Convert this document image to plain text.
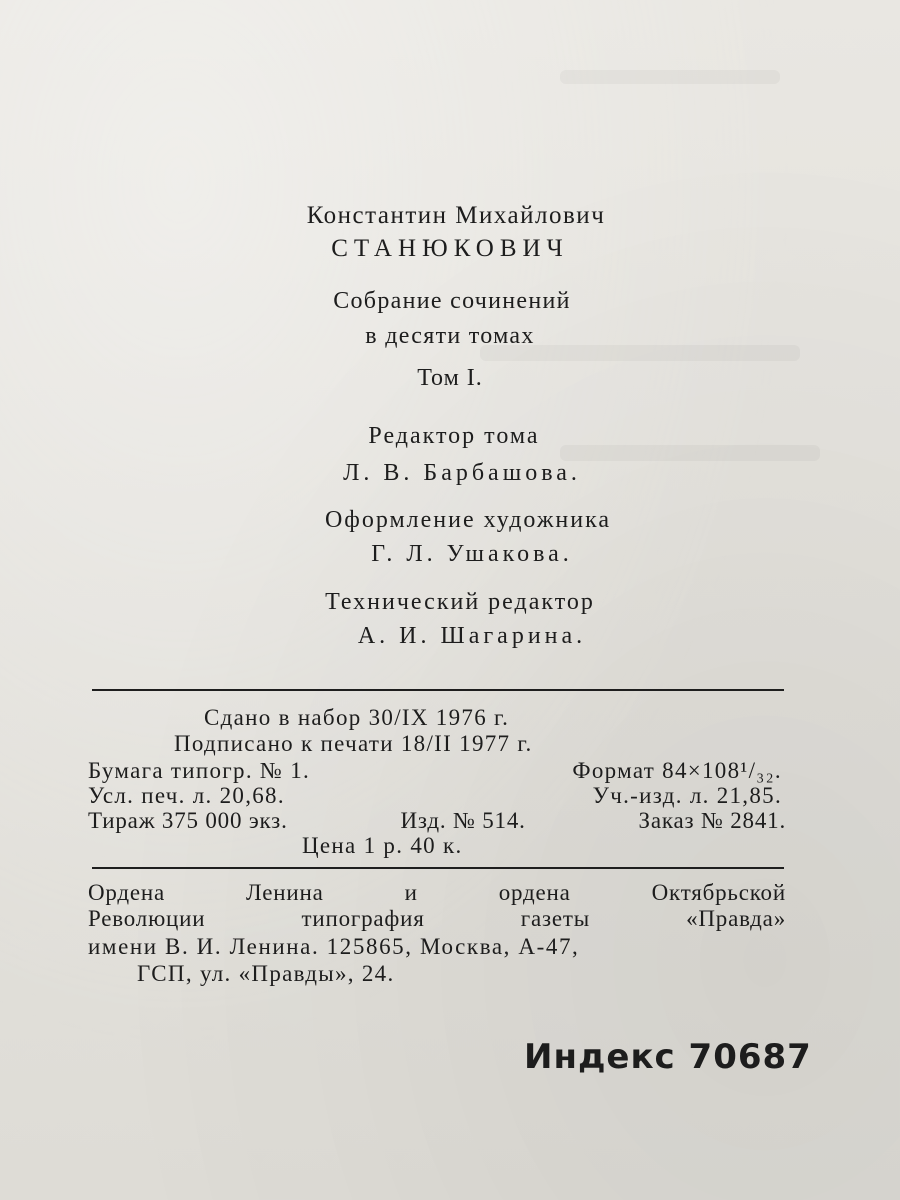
Константин Михайлович
СТАНЮКОВИЧ
Собрание сочинений
в десяти томах
Том I.
Редактор тома
Л. В. Барбашова.
Оформление художника
Г. Л. Ушакова.
Технический редактор
А. И. Шагарина.
Сдано в набор 30/IX 1976 г.
Подписано к печати 18/II 1977 г.
Бумага типогр. № 1.	Формат 84×108¹/₃₂.
Усл. печ. л. 20,68.	Уч.-изд. л. 21,85.
Тираж 375 000 экз.	Изд. № 514.	Заказ № 2841.
Цена 1 р. 40 к.
Ордена	Ленина	и	ордена	Октябрьской
Революции	типография	газеты	«Правда»
имени В. И. Ленина. 125865, Москва, А-47,
ГСП, ул. «Правды», 24.
Индекс 70687
